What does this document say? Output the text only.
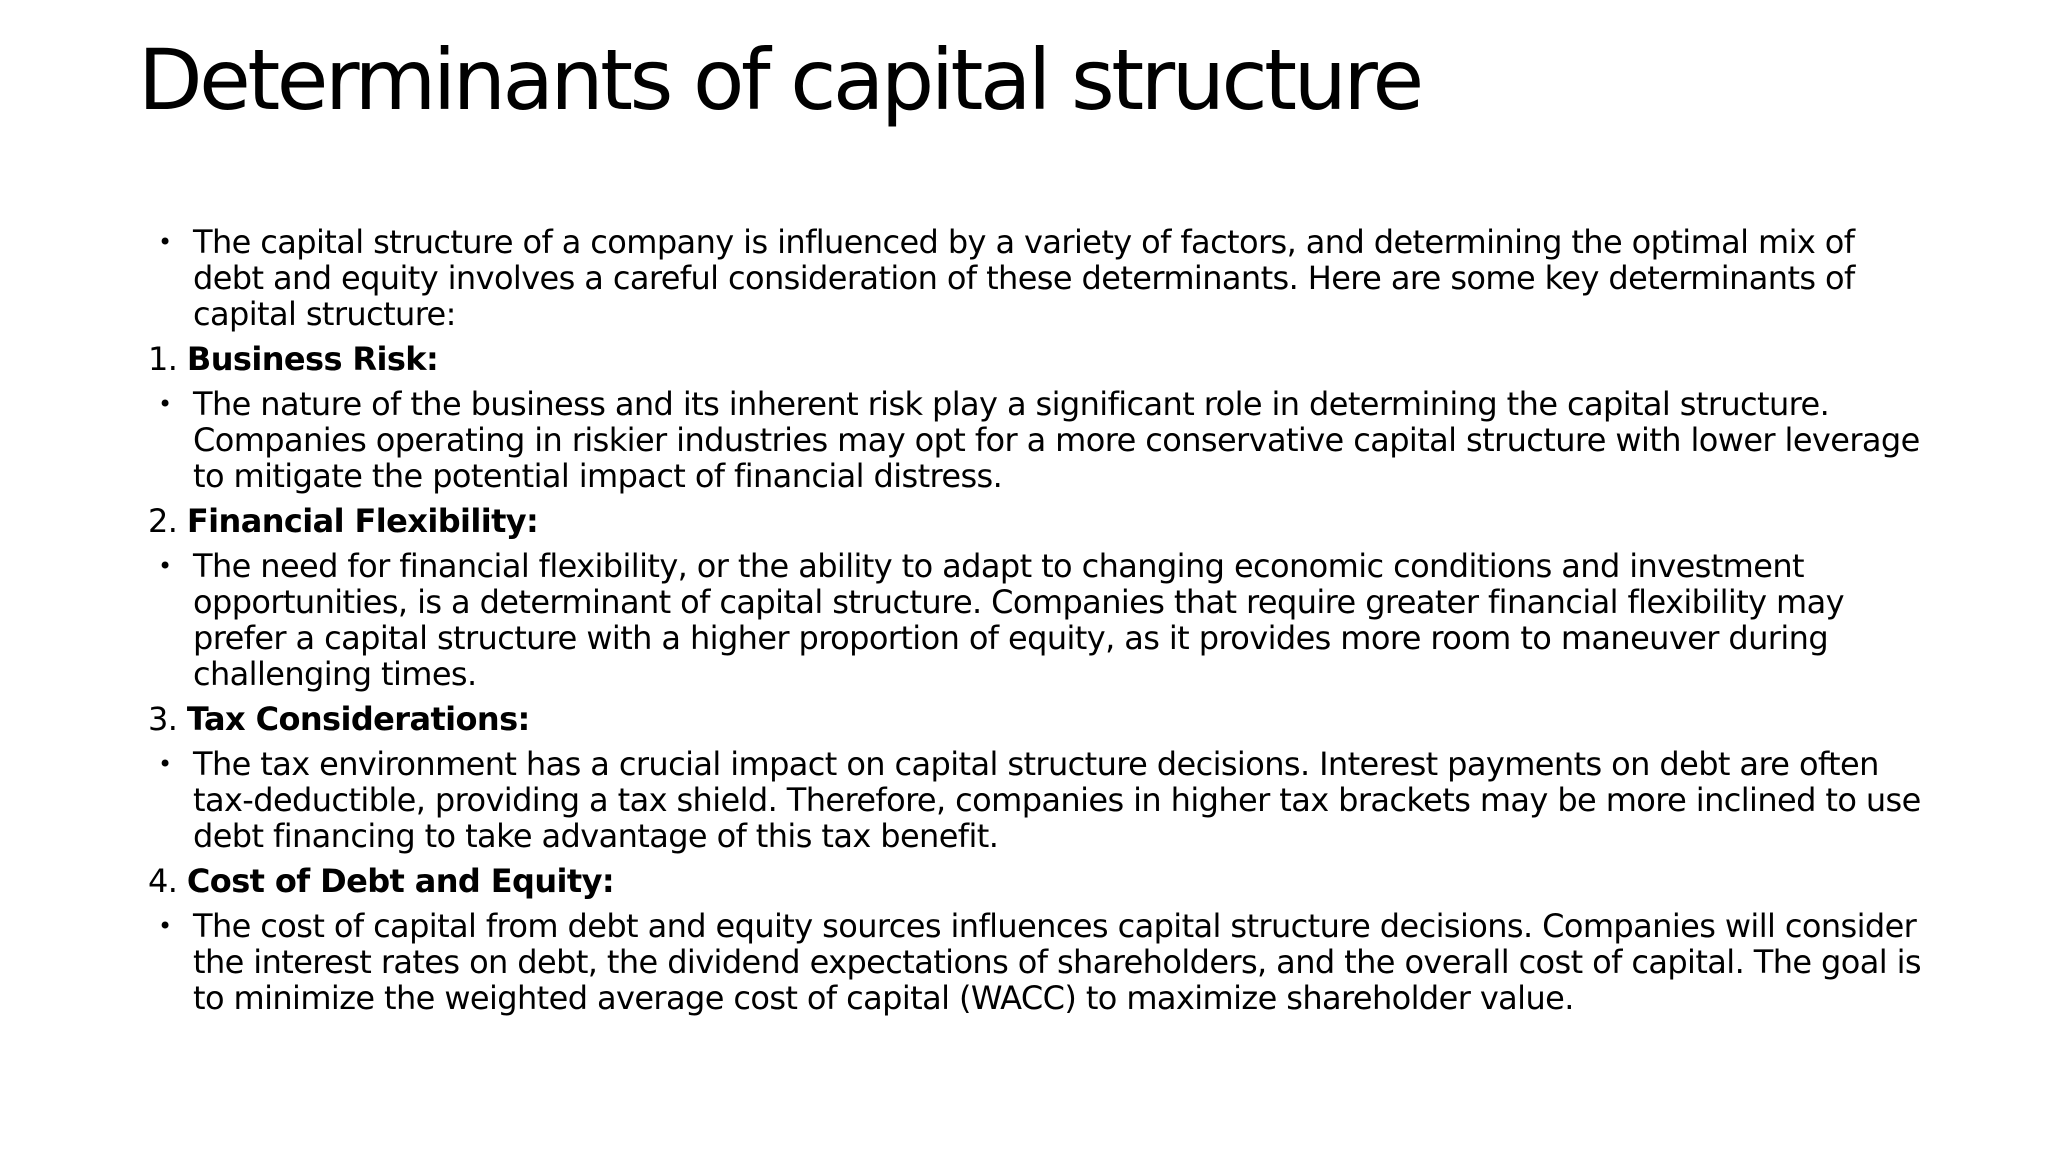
Determinants of capital structure
• The capital structure of a company is influenced by a variety of factors, and determining the optimal mix of debt and equity involves a careful consideration of these determinants. Here are some key determinants of capital structure:
1. Business Risk:
• The nature of the business and its inherent risk play a significant role in determining the capital structure. Companies operating in riskier industries may opt for a more conservative capital structure with lower leverage to mitigate the potential impact of financial distress.
2. Financial Flexibility:
• The need for financial flexibility, or the ability to adapt to changing economic conditions and investment opportunities, is a determinant of capital structure. Companies that require greater financial flexibility may prefer a capital structure with a higher proportion of equity, as it provides more room to maneuver during challenging times.
3. Tax Considerations:
• The tax environment has a crucial impact on capital structure decisions. Interest payments on debt are often tax-deductible, providing a tax shield. Therefore, companies in higher tax brackets may be more inclined to use debt financing to take advantage of this tax benefit.
4. Cost of Debt and Equity:
• The cost of capital from debt and equity sources influences capital structure decisions. Companies will consider the interest rates on debt, the dividend expectations of shareholders, and the overall cost of capital. The goal is to minimize the weighted average cost of capital (WACC) to maximize shareholder value.
